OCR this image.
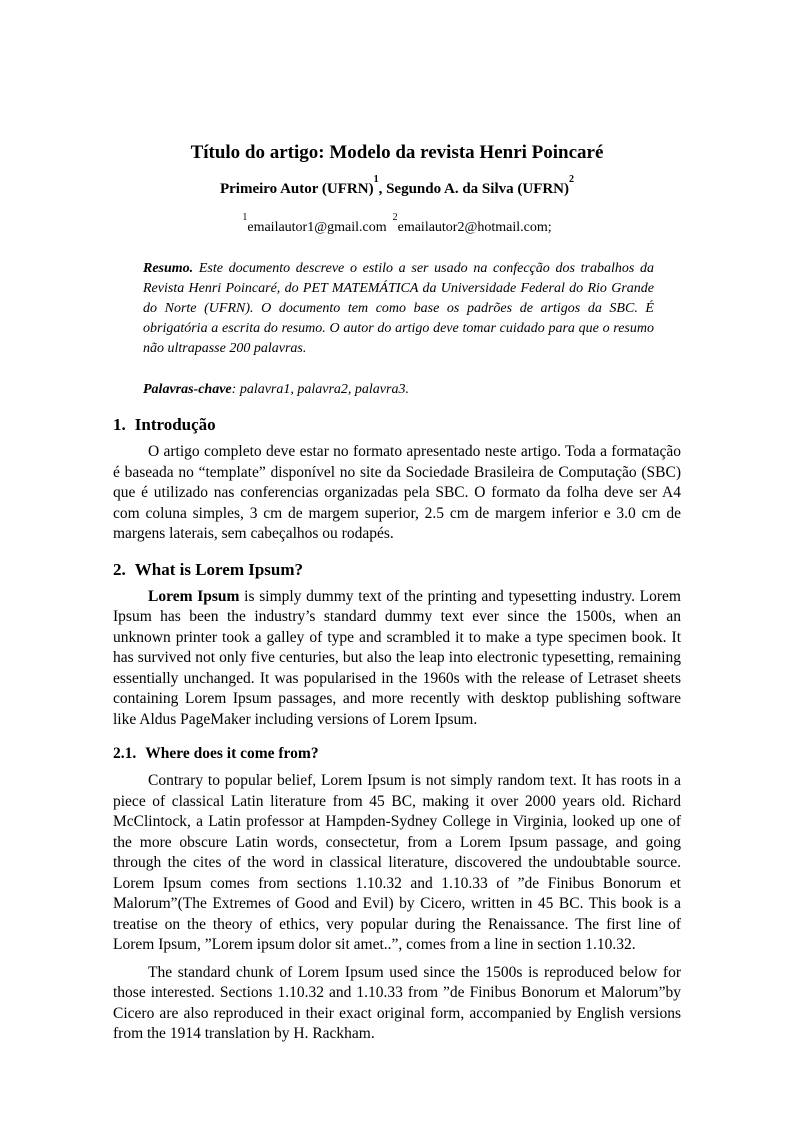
Título do artigo: Modelo da revista Henri Poincaré
Primeiro Autor (UFRN)$^1$, Segundo A. da Silva (UFRN)$^2$
$^1$emailautor1@gmail.com$^2$emailautor2@hotmail.com;
Resumo. Este documento descreve o estilo a ser usado na confecção dos trabalhos da Revista Henri Poincaré, do PET MATEMÁTICA da Universidade Federal do Rio Grande do Norte (UFRN). O documento tem como base os padrões de artigos da SBC. É obrigatória a escrita do resumo. O autor do artigo deve tomar cuidado para que o resumo não ultrapasse 200 palavras.
Palavras-chave: palavra1, palavra2, palavra3.
1. Introdução

O artigo completo deve estar no formato apresentado neste artigo. Toda a formatação é baseada no “template” disponível no site da Sociedade Brasileira de Computação (SBC) que é utilizado nas conferencias organizadas pela SBC. O formato da folha deve ser A4 com coluna simples, 3 cm de margem superior, 2.5 cm de margem inferior e 3.0 cm de margens laterais, sem cabeçalhos ou rodapés.

2. What is Lorem Ipsum?

Lorem Ipsum is simply dummy text of the printing and typesetting industry. Lorem Ipsum has been the industry’s standard dummy text ever since the 1500s, when an unknown printer took a galley of type and scrambled it to make a type specimen book. It has survived not only five centuries, but also the leap into electronic typesetting, remaining essentially unchanged. It was popularised in the 1960s with the release of Letraset sheets containing Lorem Ipsum passages, and more recently with desktop publishing software like Aldus PageMaker including versions of Lorem Ipsum.

2.1. Where does it come from?

Contrary to popular belief, Lorem Ipsum is not simply random text. It has roots in a piece of classical Latin literature from 45 BC, making it over 2000 years old. Richard McClintock, a Latin professor at Hampden-Sydney College in Virginia, looked up one of the more obscure Latin words, consectetur, from a Lorem Ipsum passage, and going through the cites of the word in classical literature, discovered the undoubtable source. Lorem Ipsum comes from sections 1.10.32 and 1.10.33 of ”de Finibus Bonorum et Malorum”(The Extremes of Good and Evil) by Cicero, written in 45 BC. This book is a treatise on the theory of ethics, very popular during the Renaissance. The first line of Lorem Ipsum, ”Lorem ipsum dolor sit amet..”, comes from a line in section 1.10.32.

The standard chunk of Lorem Ipsum used since the 1500s is reproduced below for those interested. Sections 1.10.32 and 1.10.33 from ”de Finibus Bonorum et Malorum”by Cicero are also reproduced in their exact original form, accompanied by English versions from the 1914 translation by H. Rackham.
